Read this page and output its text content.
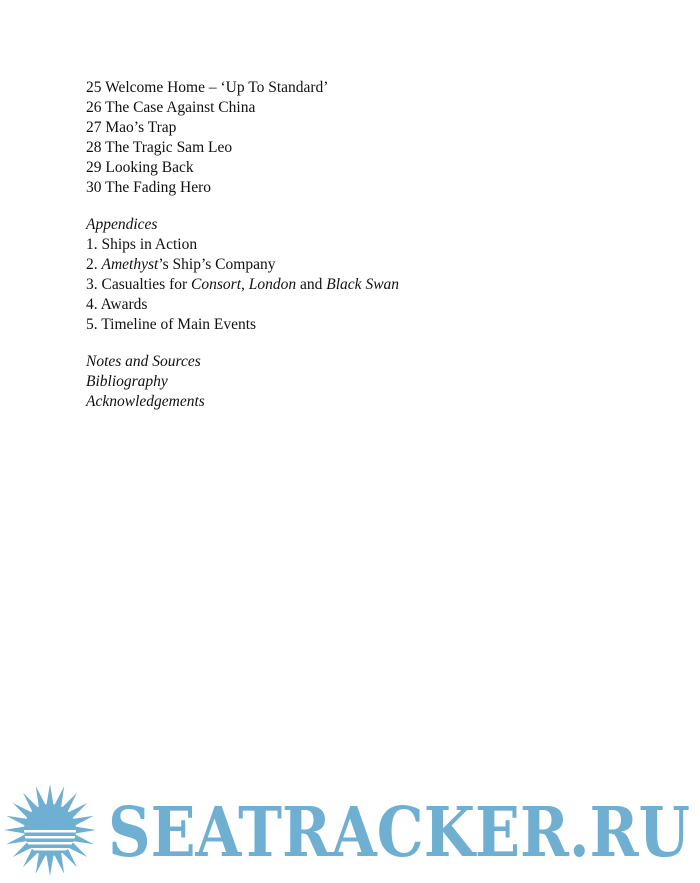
25 Welcome Home – ‘Up To Standard’
26 The Case Against China
27 Mao’s Trap
28 The Tragic Sam Leo
29 Looking Back
30 The Fading Hero
Appendices
1. Ships in Action
2. Amethyst’s Ship’s Company
3. Casualties for Consort, London and Black Swan
4. Awards
5. Timeline of Main Events
Notes and Sources
Bibliography
Acknowledgements
SEATRACKER.RU
